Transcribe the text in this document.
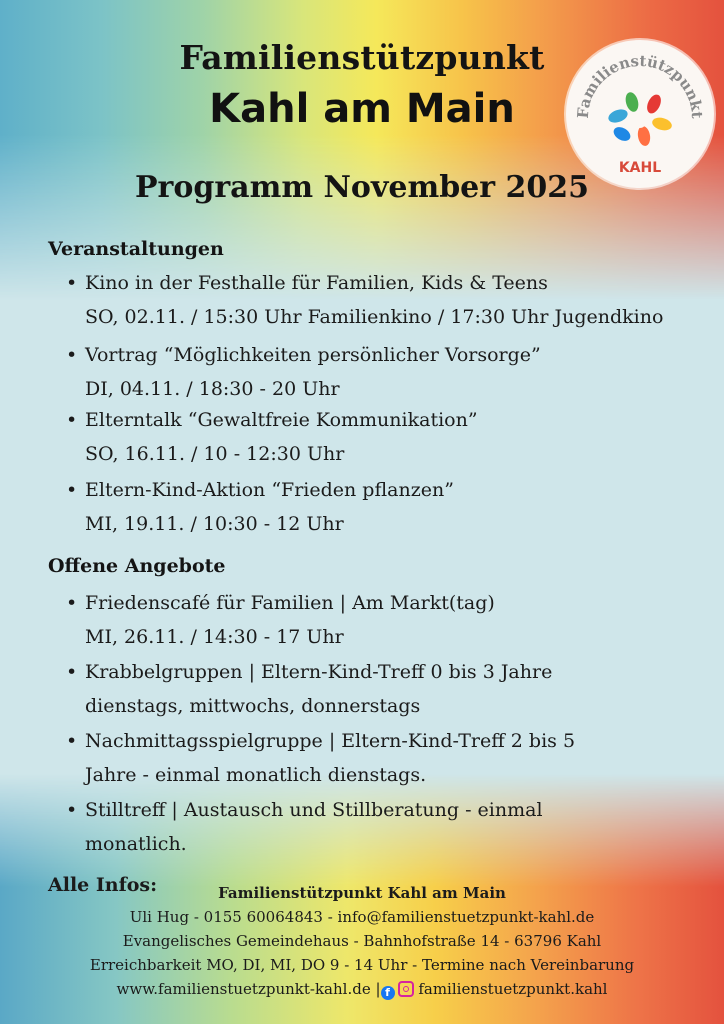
Familienstützpunkt
Kahl am Main
Programm November 2025
Familienstützpunkt
KAHL
Veranstaltungen
• Kino in der Festhalle für Familien, Kids & Teens
SO, 02.11. / 15:30 Uhr Familienkino / 17:30 Uhr Jugendkino
• Vortrag “Möglichkeiten persönlicher Vorsorge”
DI, 04.11. / 18:30 - 20 Uhr
• Elterntalk “Gewaltfreie Kommunikation”
SO, 16.11. / 10 - 12:30 Uhr
• Eltern-Kind-Aktion “Frieden pflanzen”
MI, 19.11. / 10:30 - 12 Uhr
Offene Angebote
• Friedenscafé für Familien | Am Markt(tag)
MI, 26.11. / 14:30 - 17 Uhr
• Krabbelgruppen | Eltern-Kind-Treff 0 bis 3 Jahre
dienstags, mittwochs, donnerstags
• Nachmittagsspielgruppe | Eltern-Kind-Treff 2 bis 5
Jahre - einmal monatlich dienstags.
• Stilltreff | Austausch und Stillberatung - einmal
monatlich.
Alle Infos:	Familienstützpunkt Kahl am Main
Uli Hug - 0155 60064843 - info@familienstuetzpunkt-kahl.de
Evangelisches Gemeindehaus - Bahnhofstraße 14 - 63796 Kahl
Erreichbarkeit MO, DI, MI, DO 9 - 14 Uhr - Termine nach Vereinbarung
www.familienstuetzpunkt-kahl.de | f familienstuetzpunkt.kahl
